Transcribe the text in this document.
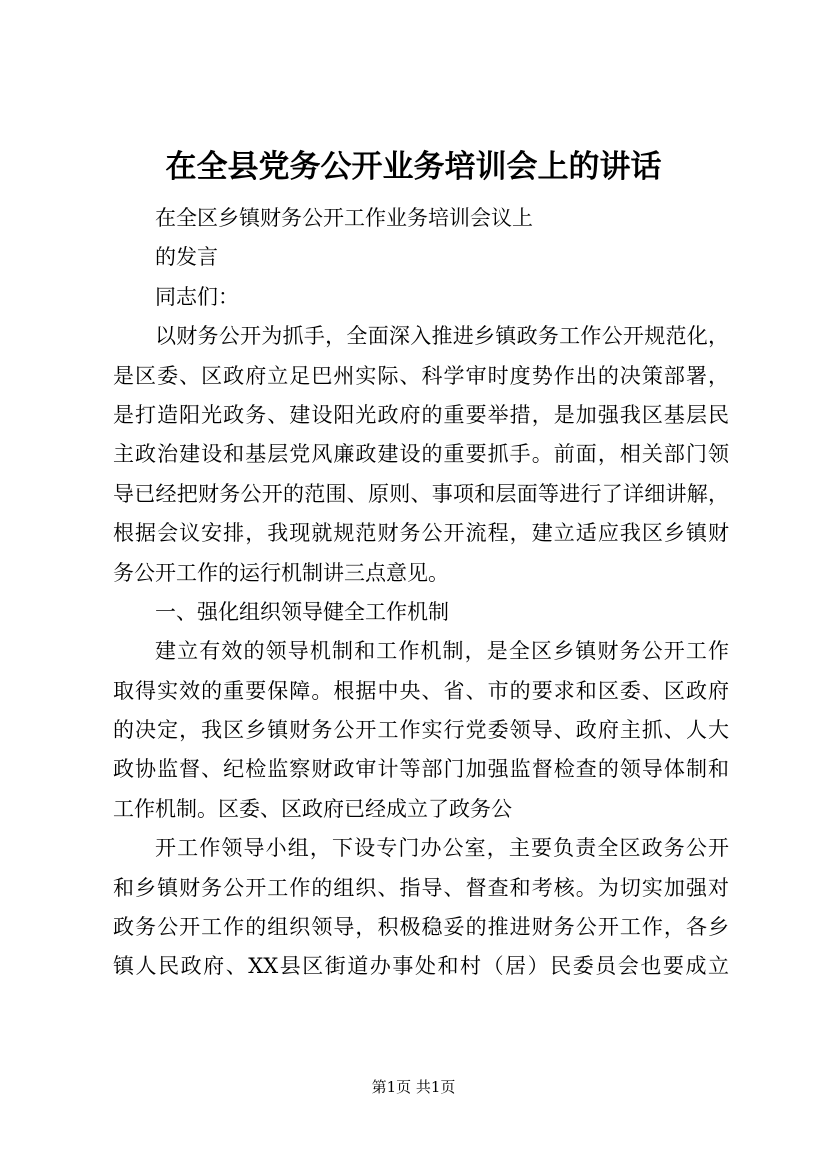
在全县党务公开业务培训会上的讲话
在全区乡镇财务公开工作业务培训会议上
的发言
同志们：
以财务公开为抓手，全面深入推进乡镇政务工作公开规范化，
是区委、区政府立足巴州实际、科学审时度势作出的决策部署，
是打造阳光政务、建设阳光政府的重要举措，是加强我区基层民
主政治建设和基层党风廉政建设的重要抓手。前面，相关部门领
导已经把财务公开的范围、原则、事项和层面等进行了详细讲解，
根据会议安排，我现就规范财务公开流程，建立适应我区乡镇财
务公开工作的运行机制讲三点意见。
一、强化组织领导健全工作机制
建立有效的领导机制和工作机制，是全区乡镇财务公开工作
取得实效的重要保障。根据中央、省、市的要求和区委、区政府
的决定，我区乡镇财务公开工作实行党委领导、政府主抓、人大
政协监督、纪检监察财政审计等部门加强监督检查的领导体制和
工作机制。区委、区政府已经成立了政务公
开工作领导小组，下设专门办公室，主要负责全区政务公开
和乡镇财务公开工作的组织、指导、督查和考核。为切实加强对
政务公开工作的组织领导，积极稳妥的推进财务公开工作，各乡
镇人民政府、XX县区街道办事处和村（居）民委员会也要成立
第1页 共1页
